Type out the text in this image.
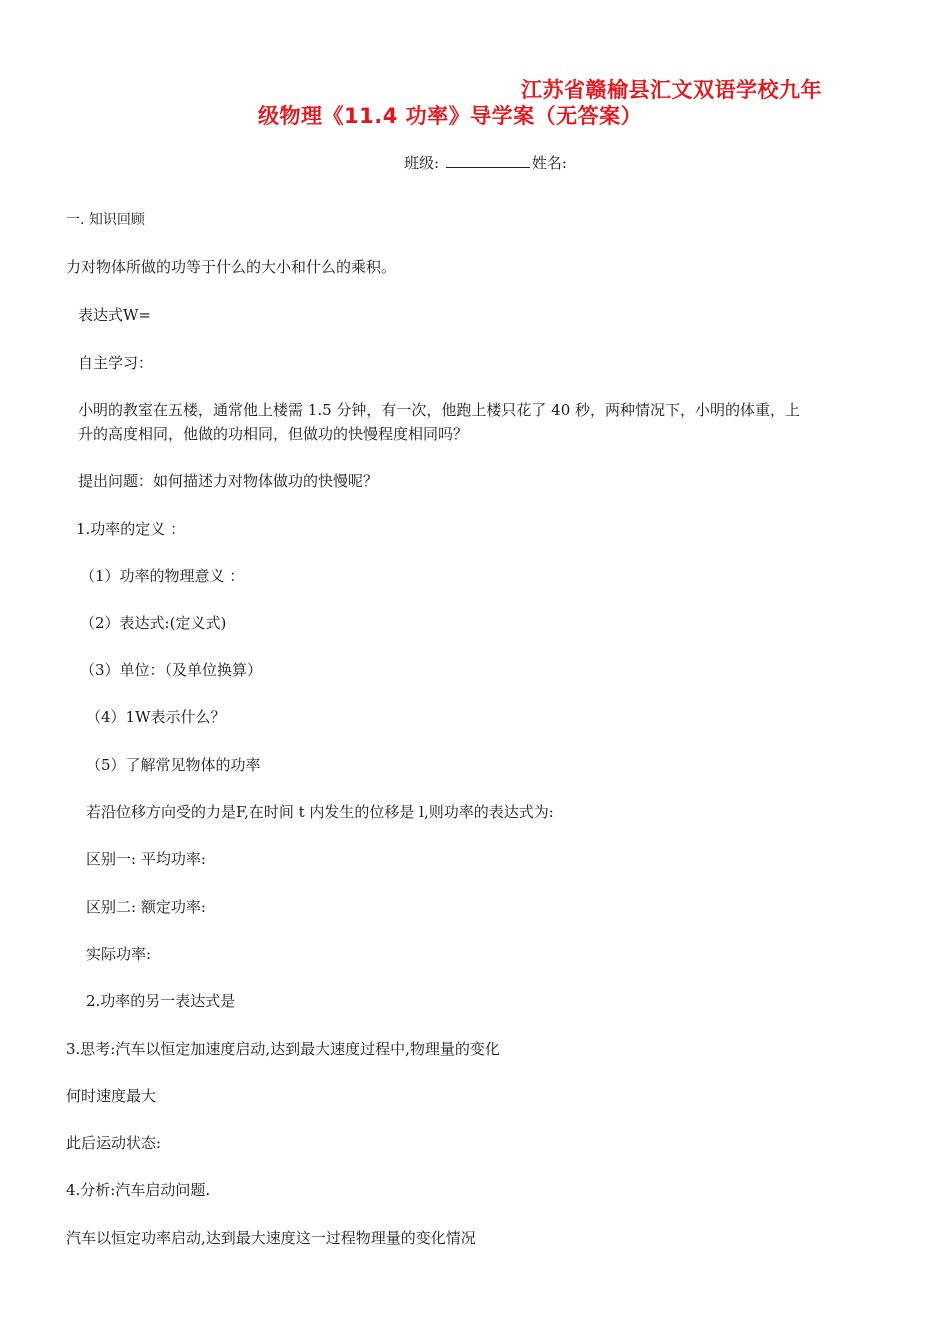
江苏省赣榆县汇文双语学校九年
级物理《11.4 功率》导学案（无答案）
班级:	姓名:
一. 知识回顾
力对物体所做的功等于什么的大小和什么的乘积。
表达式W=
自主学习：
小明的教室在五楼，通常他上楼需 1.5 分钟，有一次，他跑上楼只花了 40 秒，两种情况下，小明的体重，上
升的高度相同，他做的功相同，但做功的快慢程度相同吗？
提出问题：如何描述力对物体做功的快慢呢？
1.功率的定义 ：
（1）功率的物理意义 ：
（2）表达式:(定义式)
（3）单位：（及单位换算）
（4）1W表示什么？
（5）了解常见物体的功率
若沿位移方向受的力是F,在时间 t 内发生的位移是 l,则功率的表达式为:
区别一: 平均功率:
区别二: 额定功率:
实际功率:
2.功率的另一表达式是
3.思考:汽车以恒定加速度启动,达到最大速度过程中,物理量的变化
何时速度最大
此后运动状态:
4.分析:汽车启动问题.
汽车以恒定功率启动,达到最大速度这一过程物理量的变化情况
